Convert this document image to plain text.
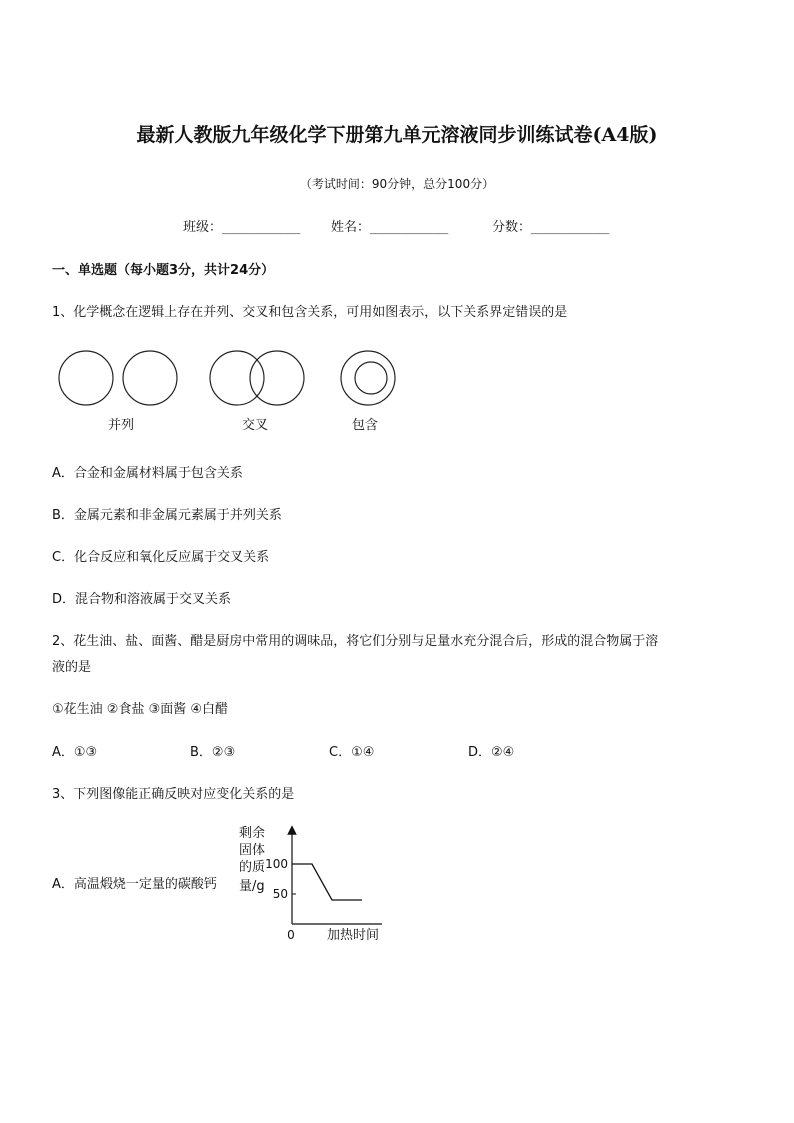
最新人教版九年级化学下册第九单元溶液同步训练试卷(A4版)
（考试时间：90分钟，总分100分）
班级：__________ 姓名：__________	分数：__________
一、单选题（每小题3分，共计24分）
1、化学概念在逻辑上存在并列、交叉和包含关系，可用如图表示，以下关系界定错误的是
并列	交叉	包含
A．合金和金属材料属于包含关系
B．金属元素和非金属元素属于并列关系
C．化合反应和氧化反应属于交叉关系
D．混合物和溶液属于交叉关系
2、花生油、盐、面酱、醋是厨房中常用的调味品，将它们分别与足量水充分混合后，形成的混合物属于溶
液的是
①花生油 ②食盐 ③面酱 ④白醋
A．①③	B．②③	C．①④	D．②④
3、下列图像能正确反映对应变化关系的是
A．高温煅烧一定量的碳酸钙
剩余
固体
的质
量/g
100
50
0 加热时间
